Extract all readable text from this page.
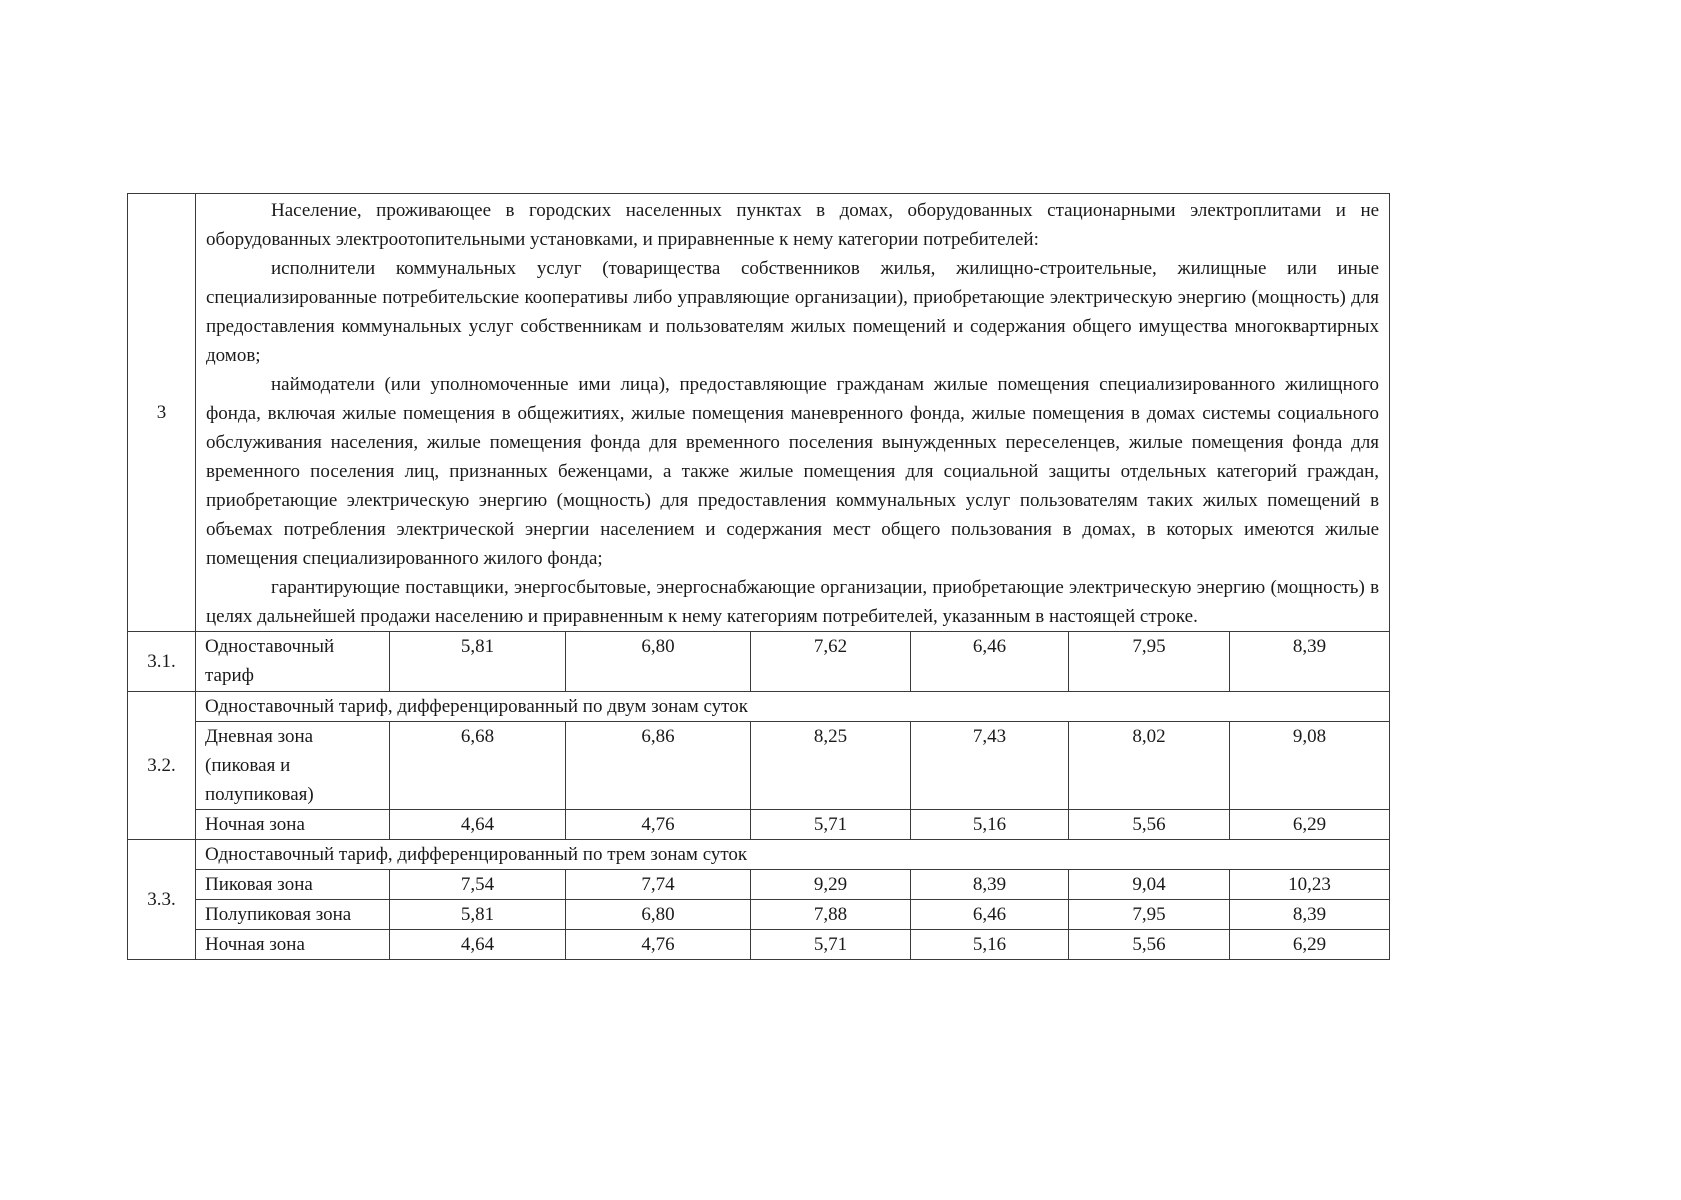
3	Население, проживающее в городских населенных пунктах в домах, оборудованных стационарными электроплитами и не оборудованных электроотопительными установками, и приравненные к нему категории потребителей:

исполнители коммунальных услуг (товарищества собственников жилья, жилищно-строительные, жилищные или иные специализированные потребительские кооперативы либо управляющие организации), приобретающие электрическую энергию (мощность) для предоставления коммунальных услуг собственникам и пользователям жилых помещений и содержания общего имущества многоквартирных домов;

наймодатели (или уполномоченные ими лица), предоставляющие гражданам жилые помещения специализированного жилищного фонда, включая жилые помещения в общежитиях, жилые помещения маневренного фонда, жилые помещения в домах системы социального обслуживания населения, жилые помещения фонда для временного поселения вынужденных переселенцев, жилые помещения фонда для временного поселения лиц, признанных беженцами, а также жилые помещения для социальной защиты отдельных категорий граждан, приобретающие электрическую энергию (мощность) для предоставления коммунальных услуг пользователям таких жилых помещений в объемах потребления электрической энергии населением и содержания мест общего пользования в домах, в которых имеются жилые помещения специализированного жилого фонда;

гарантирующие поставщики, энергосбытовые, энергоснабжающие организации, приобретающие электрическую энергию (мощность) в целях дальнейшей продажи населению и приравненным к нему категориям потребителей, указанным в настоящей строке.						

3.1.	Одноставочный тариф	5,81	6,80	7,62	6,46	7,95	8,39
3.2.	Одноставочный тариф, дифференцированный по двум зонам суток						
	Дневная зона (пиковая и полупиковая)	6,68	6,86	8,25	7,43	8,02	9,08
	Ночная зона	4,64	4,76	5,71	5,16	5,56	6,29
3.3.	Одноставочный тариф, дифференцированный по трем зонам суток						
	Пиковая зона	7,54	7,74	9,29	8,39	9,04	10,23
	Полупиковая зона	5,81	6,80	7,88	6,46	7,95	8,39
	Ночная зона	4,64	4,76	5,71	5,16	5,56	6,29
